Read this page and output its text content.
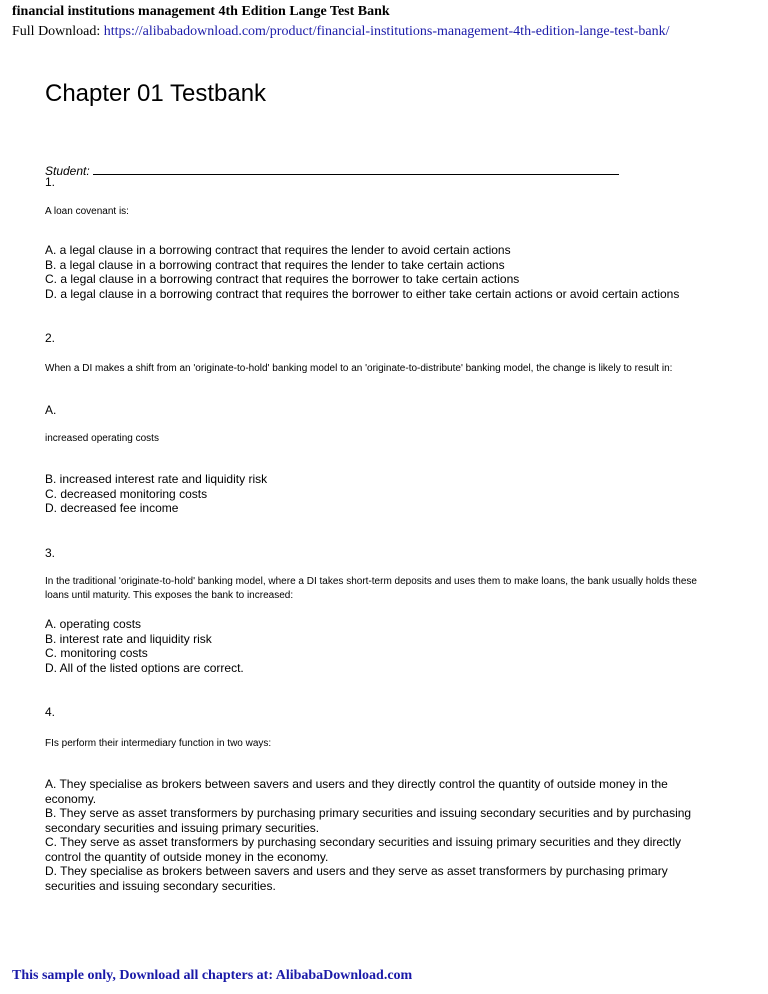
financial institutions management 4th Edition Lange Test Bank
Full Download: https://alibabadownload.com/product/financial-institutions-management-4th-edition-lange-test-bank/
Chapter 01 Testbank
Student:
1.
A loan covenant is:
A. a legal clause in a borrowing contract that requires the lender to avoid certain actions
B. a legal clause in a borrowing contract that requires the lender to take certain actions
C. a legal clause in a borrowing contract that requires the borrower to take certain actions
D. a legal clause in a borrowing contract that requires the borrower to either take certain actions or avoid certain actions
2.
When a DI makes a shift from an 'originate-to-hold' banking model to an 'originate-to-distribute' banking model, the change is likely to result in:
A.
increased operating costs
B. increased interest rate and liquidity risk
C. decreased monitoring costs
D. decreased fee income
3.
In the traditional 'originate-to-hold' banking model, where a DI takes short-term deposits and uses them to make loans, the bank usually holds these loans until maturity. This exposes the bank to increased:
A. operating costs
B. interest rate and liquidity risk
C. monitoring costs
D. All of the listed options are correct.
4.
FIs perform their intermediary function in two ways:
A. They specialise as brokers between savers and users and they directly control the quantity of outside money in the economy.
B. They serve as asset transformers by purchasing primary securities and issuing secondary securities and by purchasing secondary securities and issuing primary securities.
C. They serve as asset transformers by purchasing secondary securities and issuing primary securities and they directly control the quantity of outside money in the economy.
D. They specialise as brokers between savers and users and they serve as asset transformers by purchasing primary securities and issuing secondary securities.
This sample only, Download all chapters at: AlibabaDownload.com
